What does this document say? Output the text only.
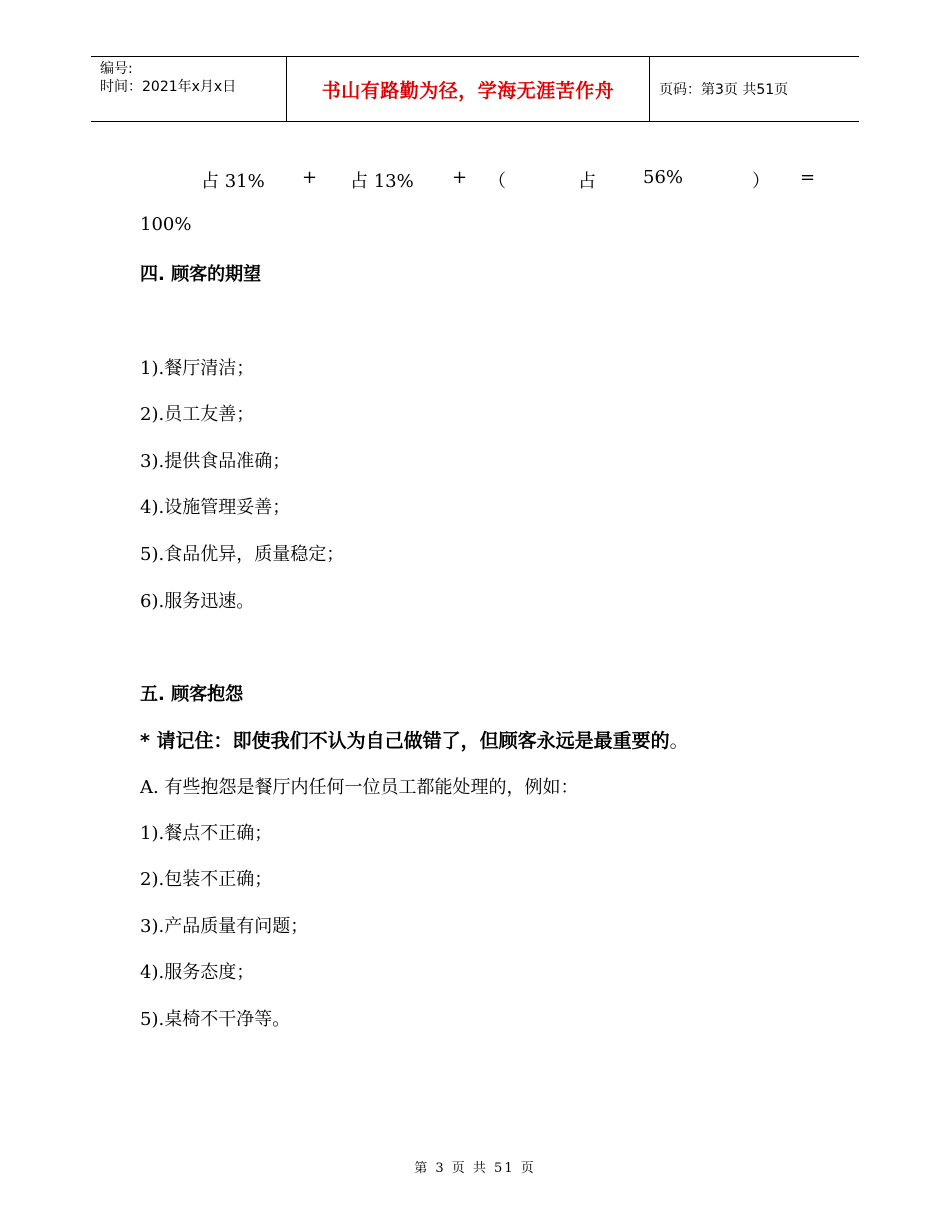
编号:
时间：2021年x月x日	书山有路勤为径，学海无涯苦作舟	页码：第3页 共51页
占 31% + 占 13% + （	占	56%	） =
100%
四. 顾客的期望
1).餐厅清洁；
2).员工友善；
3).提供食品准确；
4).设施管理妥善；
5).食品优异，质量稳定；
6).服务迅速。
五. 顾客抱怨
* 请记住：即使我们不认为自己做错了，但顾客永远是最重要的。
A. 有些抱怨是餐厅内任何一位员工都能处理的，例如：
1).餐点不正确；
2).包装不正确；
3).产品质量有问题；
4).服务态度；
5).桌椅不干净等。
第 3 页 共 51 页
